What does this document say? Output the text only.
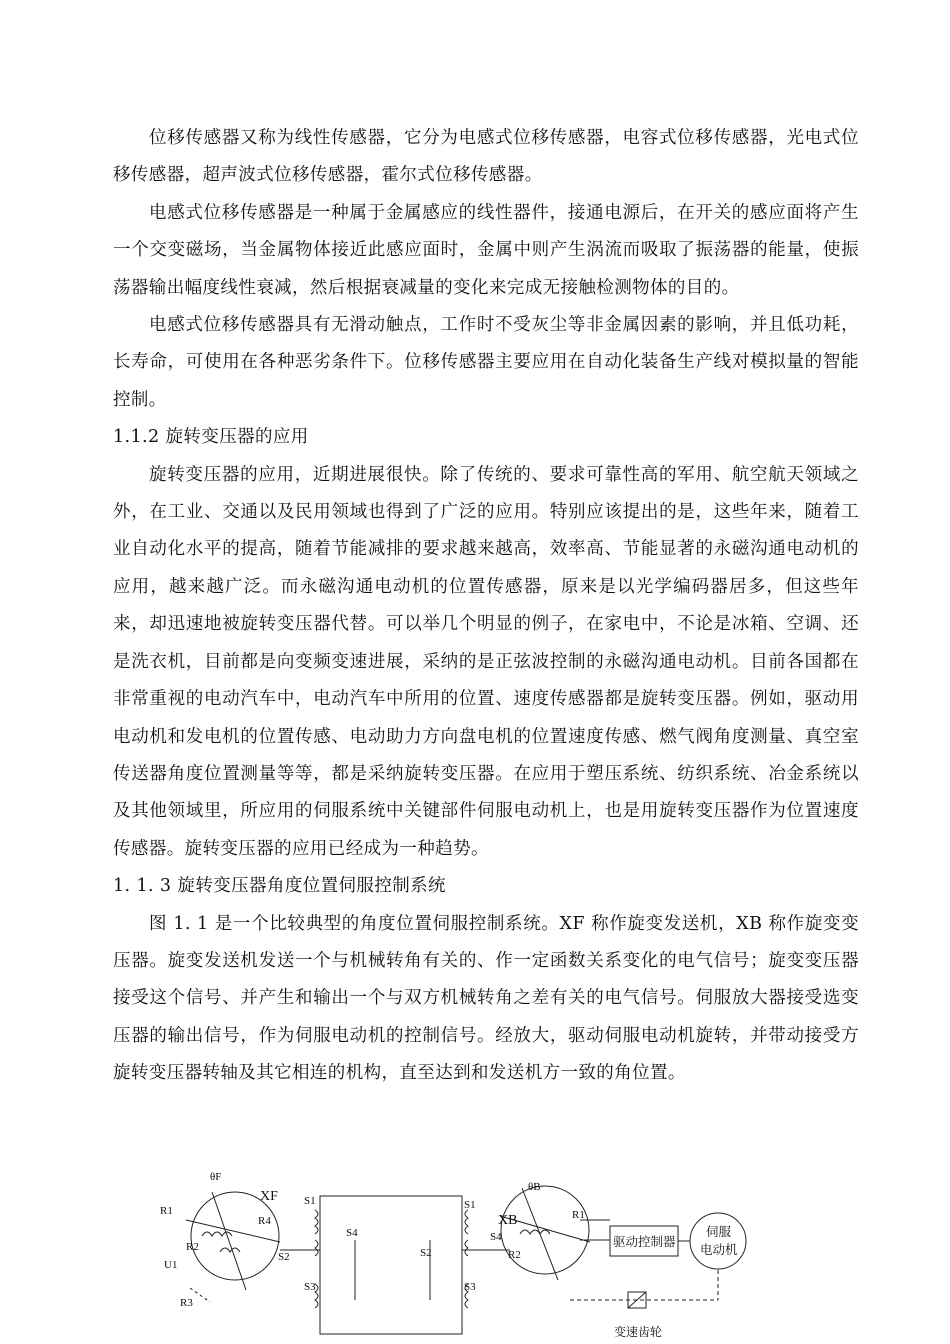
位移传感器又称为线性传感器，它分为电感式位移传感器，电容式位移传感器，光电式位移传感器，超声波式位移传感器，霍尔式位移传感器。

电感式位移传感器是一种属于金属感应的线性器件，接通电源后，在开关的感应面将产生一个交变磁场，当金属物体接近此感应面时，金属中则产生涡流而吸取了振荡器的能量，使振荡器输出幅度线性衰减，然后根据衰减量的变化来完成无接触检测物体的目的。

电感式位移传感器具有无滑动触点，工作时不受灰尘等非金属因素的影响，并且低功耗，长寿命，可使用在各种恶劣条件下。位移传感器主要应用在自动化装备生产线对模拟量的智能控制。

1.1.2 旋转变压器的应用

旋转变压器的应用，近期进展很快。除了传统的、要求可靠性高的军用、航空航天领域之外，在工业、交通以及民用领域也得到了广泛的应用。特别应该提出的是，这些年来，随着工业自动化水平的提高，随着节能减排的要求越来越高，效率高、节能显著的永磁沟通电动机的应用，越来越广泛。而永磁沟通电动机的位置传感器，原来是以光学编码器居多，但这些年来，却迅速地被旋转变压器代替。可以举几个明显的例子，在家电中，不论是冰箱、空调、还是洗衣机，目前都是向变频变速进展，采纳的是正弦波控制的永磁沟通电动机。目前各国都在非常重视的电动汽车中，电动汽车中所用的位置、速度传感器都是旋转变压器。例如，驱动用电动机和发电机的位置传感、电动助力方向盘电机的位置速度传感、燃气阀角度测量、真空室传送器角度位置测量等等，都是采纳旋转变压器。在应用于塑压系统、纺织系统、冶金系统以及其他领域里，所应用的伺服系统中关键部件伺服电动机上，也是用旋转变压器作为位置速度传感器。旋转变压器的应用已经成为一种趋势。

1. 1. 3 旋转变压器角度位置伺服控制系统

图 1. 1 是一个比较典型的角度位置伺服控制系统。XF 称作旋变发送机，XB 称作旋变变压器。旋变发送机发送一个与机械转角有关的、作一定函数关系变化的电气信号；旋变变压器接受这个信号、并产生和输出一个与双方机械转角之差有关的电气信号。伺服放大器接受选变压器的输出信号，作为伺服电动机的控制信号。经放大，驱动伺服电动机旋转，并带动接受方旋转变压器转轴及其它相连的机构，直至达到和发送机方一致的角位置。

XF
θF
R1
R2
R3
R4
U1
S1
S2
S3
S4
S1
S2
S3
S4
XB
θB
R1
R2
驱动控制器
伺服
电动机
变速齿轮
